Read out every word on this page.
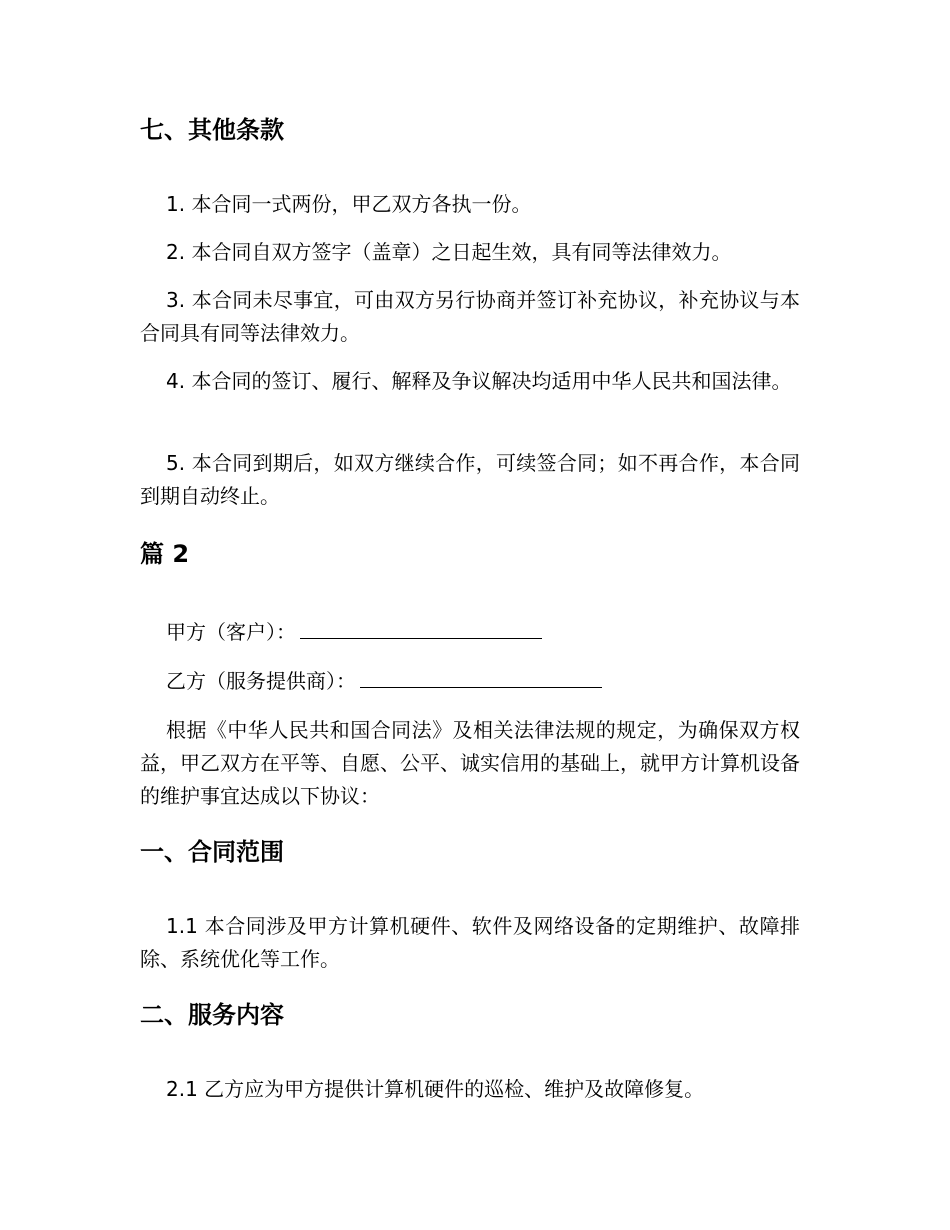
七、其他条款

1. 本合同一式两份，甲乙双方各执一份。

2. 本合同自双方签字（盖章）之日起生效，具有同等法律效力。

3. 本合同未尽事宜，可由双方另行协商并签订补充协议，补充协议与本合同具有同等法律效力。

4. 本合同的签订、履行、解释及争议解决均适用中华人民共和国法律。

5. 本合同到期后，如双方继续合作，可续签合同；如不再合作，本合同到期自动终止。

篇 2

甲方（客户）：

乙方（服务提供商）：

根据《中华人民共和国合同法》及相关法律法规的规定，为确保双方权益，甲乙双方在平等、自愿、公平、诚实信用的基础上，就甲方计算机设备的维护事宜达成以下协议：

一、合同范围

1.1 本合同涉及甲方计算机硬件、软件及网络设备的定期维护、故障排除、系统优化等工作。

二、服务内容

2.1 乙方应为甲方提供计算机硬件的巡检、维护及故障修复。
